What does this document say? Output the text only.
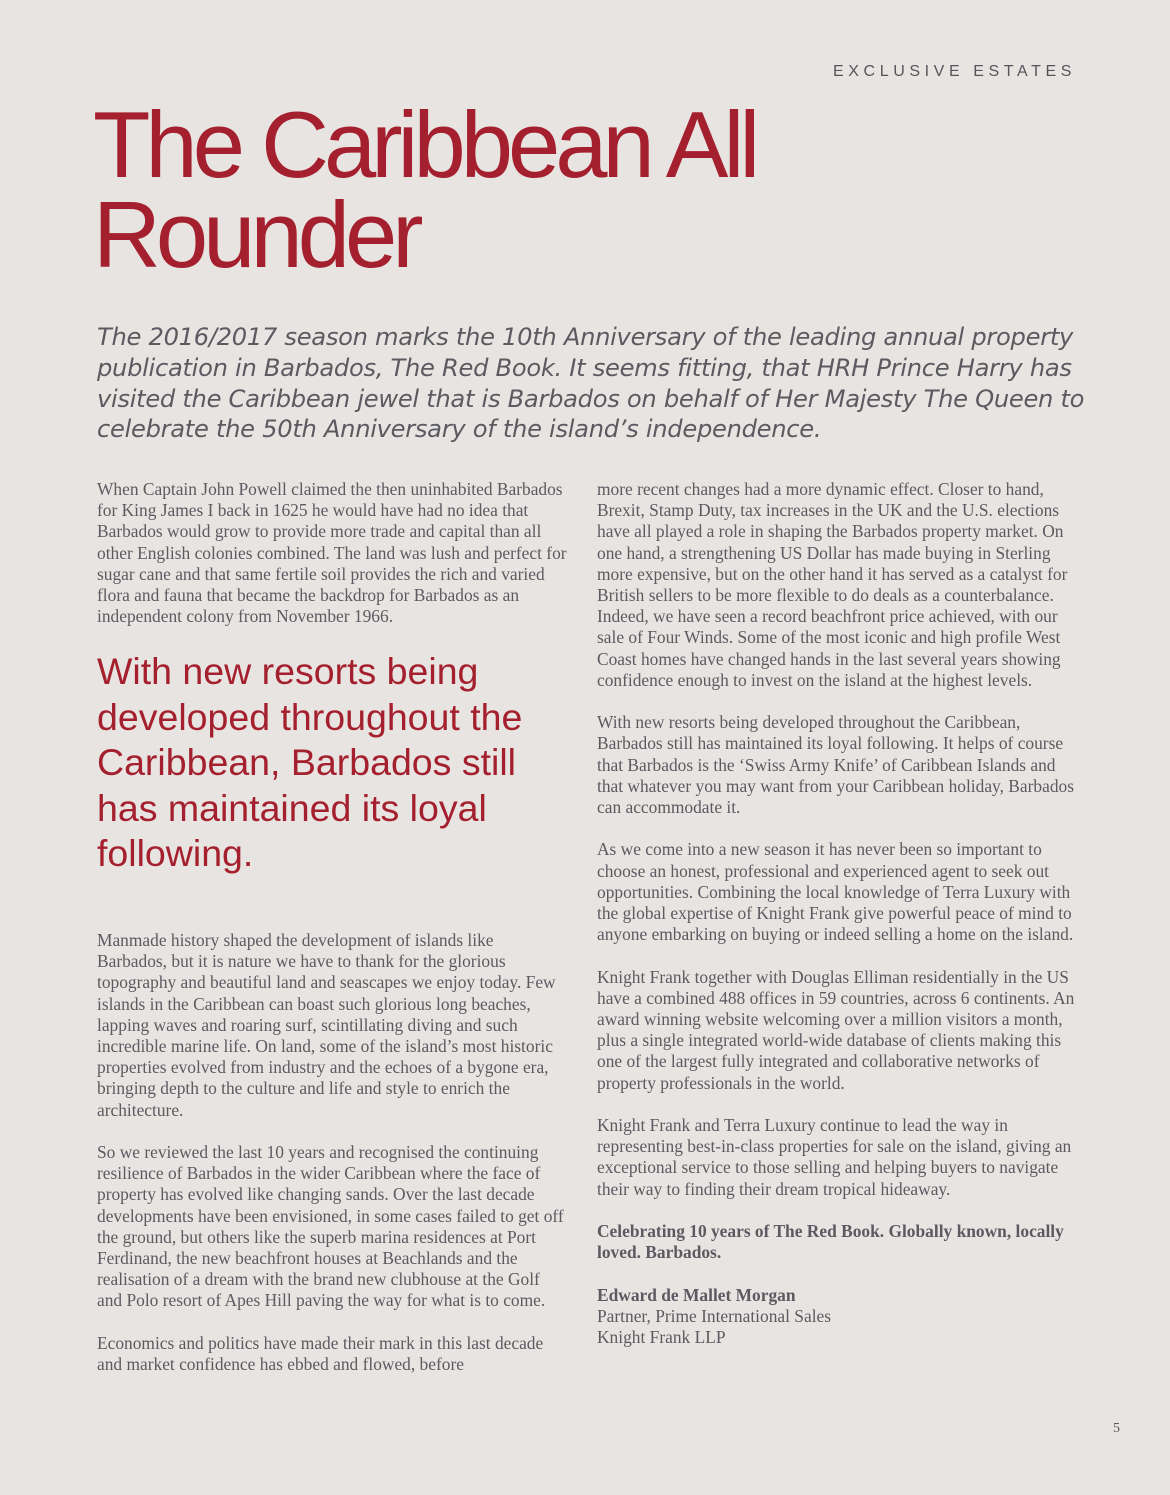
EXCLUSIVE ESTATES
The Caribbean All Rounder

The 2016/2017 season marks the 10th Anniversary of the leading annual property publication in Barbados, The Red Book. It seems fitting, that HRH Prince Harry has visited the Caribbean jewel that is Barbados on behalf of Her Majesty The Queen to celebrate the 50th Anniversary of the island’s independence.

When Captain John Powell claimed the then uninhabited Barbados for King James I back in 1625 he would have had no idea that Barbados would grow to provide more trade and capital than all other English colonies combined. The land was lush and perfect for sugar cane and that same fertile soil provides the rich and varied flora and fauna that became the backdrop for Barbados as an independent colony from November 1966.

With new resorts being developed throughout the Caribbean, Barbados still has maintained its loyal following.

Manmade history shaped the development of islands like Barbados, but it is nature we have to thank for the glorious topography and beautiful land and seascapes we enjoy today. Few islands in the Caribbean can boast such glorious long beaches, lapping waves and roaring surf, scintillating diving and such incredible marine life. On land, some of the island’s most historic properties evolved from industry and the echoes of a bygone era, bringing depth to the culture and life and style to enrich the architecture.

So we reviewed the last 10 years and recognised the continuing resilience of Barbados in the wider Caribbean where the face of property has evolved like changing sands. Over the last decade developments have been envisioned, in some cases failed to get off the ground, but others like the superb marina residences at Port Ferdinand, the new beachfront houses at Beachlands and the realisation of a dream with the brand new clubhouse at the Golf and Polo resort of Apes Hill paving the way for what is to come.

Economics and politics have made their mark in this last decade and market confidence has ebbed and flowed, before

more recent changes had a more dynamic effect. Closer to hand, Brexit, Stamp Duty, tax increases in the UK and the U.S. elections have all played a role in shaping the Barbados property market. On one hand, a strengthening US Dollar has made buying in Sterling more expensive, but on the other hand it has served as a catalyst for British sellers to be more flexible to do deals as a counterbalance. Indeed, we have seen a record beachfront price achieved, with our sale of Four Winds. Some of the most iconic and high profile West Coast homes have changed hands in the last several years showing confidence enough to invest on the island at the highest levels.

With new resorts being developed throughout the Caribbean, Barbados still has maintained its loyal following. It helps of course that Barbados is the ‘Swiss Army Knife’ of Caribbean Islands and that whatever you may want from your Caribbean holiday, Barbados can accommodate it.

As we come into a new season it has never been so important to choose an honest, professional and experienced agent to seek out opportunities. Combining the local knowledge of Terra Luxury with the global expertise of Knight Frank give powerful peace of mind to anyone embarking on buying or indeed selling a home on the island.

Knight Frank together with Douglas Elliman residentially in the US have a combined 488 offices in 59 countries, across 6 continents. An award winning website welcoming over a million visitors a month, plus a single integrated world-wide database of clients making this one of the largest fully integrated and collaborative networks of property professionals in the world.

Knight Frank and Terra Luxury continue to lead the way in representing best-in-class properties for sale on the island, giving an exceptional service to those selling and helping buyers to navigate their way to finding their dream tropical hideaway.

Celebrating 10 years of The Red Book. Globally known, locally loved. Barbados.

Edward de Mallet Morgan
Partner, Prime International Sales
Knight Frank LLP
5
